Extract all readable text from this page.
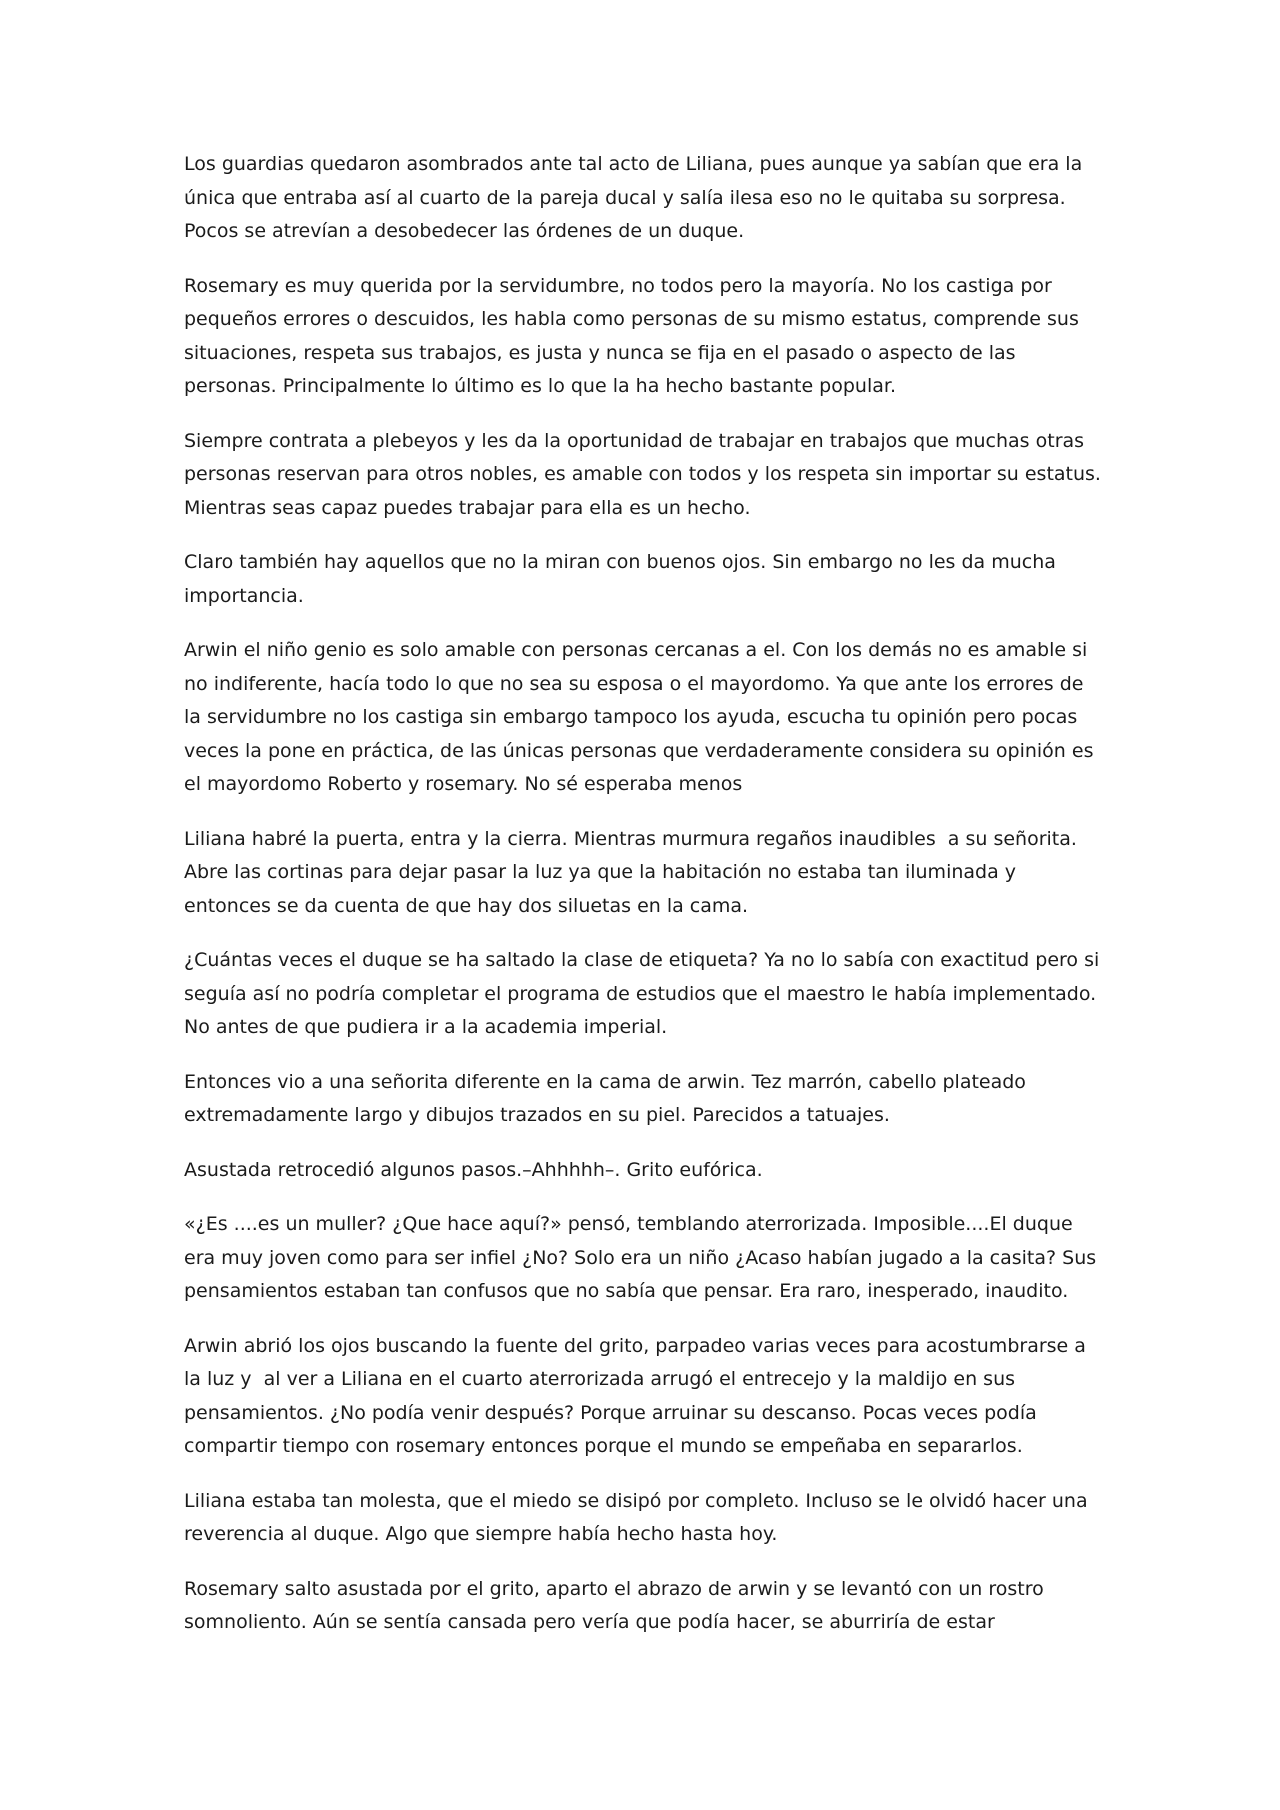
Los guardias quedaron asombrados ante tal acto de Liliana, pues aunque ya sabían que era la única que entraba así al cuarto de la pareja ducal y salía ilesa eso no le quitaba su sorpresa. Pocos se atrevían a desobedecer las órdenes de un duque.

Rosemary es muy querida por la servidumbre, no todos pero la mayoría. No los castiga por pequeños errores o descuidos, les habla como personas de su mismo estatus, comprende sus situaciones, respeta sus trabajos, es justa y nunca se fija en el pasado o aspecto de las personas. Principalmente lo último es lo que la ha hecho bastante popular.

Siempre contrata a plebeyos y les da la oportunidad de trabajar en trabajos que muchas otras personas reservan para otros nobles, es amable con todos y los respeta sin importar su estatus. Mientras seas capaz puedes trabajar para ella es un hecho.

Claro también hay aquellos que no la miran con buenos ojos. Sin embargo no les da mucha importancia.

Arwin el niño genio es solo amable con personas cercanas a el. Con los demás no es amable si no indiferente, hacía todo lo que no sea su esposa o el mayordomo. Ya que ante los errores de la servidumbre no los castiga sin embargo tampoco los ayuda, escucha tu opinión pero pocas veces la pone en práctica, de las únicas personas que verdaderamente considera su opinión es el mayordomo Roberto y rosemary. No sé esperaba menos

Liliana habré la puerta, entra y la cierra. Mientras murmura regaños inaudibles  a su señorita. Abre las cortinas para dejar pasar la luz ya que la habitación no estaba tan iluminada y entonces se da cuenta de que hay dos siluetas en la cama.

¿Cuántas veces el duque se ha saltado la clase de etiqueta? Ya no lo sabía con exactitud pero si seguía así no podría completar el programa de estudios que el maestro le había implementado. No antes de que pudiera ir a la academia imperial.

Entonces vio a una señorita diferente en la cama de arwin. Tez marrón, cabello plateado extremadamente largo y dibujos trazados en su piel. Parecidos a tatuajes.

Asustada retrocedió algunos pasos.–Ahhhhh–. Grito eufórica.

«¿Es ....es un muller? ¿Que hace aquí?» pensó, temblando aterrorizada. Imposible....El duque era muy joven como para ser infiel ¿No? Solo era un niño ¿Acaso habían jugado a la casita? Sus pensamientos estaban tan confusos que no sabía que pensar. Era raro, inesperado, inaudito.

Arwin abrió los ojos buscando la fuente del grito, parpadeo varias veces para acostumbrarse a la luz y  al ver a Liliana en el cuarto aterrorizada arrugó el entrecejo y la maldijo en sus pensamientos. ¿No podía venir después? Porque arruinar su descanso. Pocas veces podía compartir tiempo con rosemary entonces porque el mundo se empeñaba en separarlos.

Liliana estaba tan molesta, que el miedo se disipó por completo. Incluso se le olvidó hacer una reverencia al duque. Algo que siempre había hecho hasta hoy.

Rosemary salto asustada por el grito, aparto el abrazo de arwin y se levantó con un rostro somnoliento. Aún se sentía cansada pero vería que podía hacer, se aburriría de estar
